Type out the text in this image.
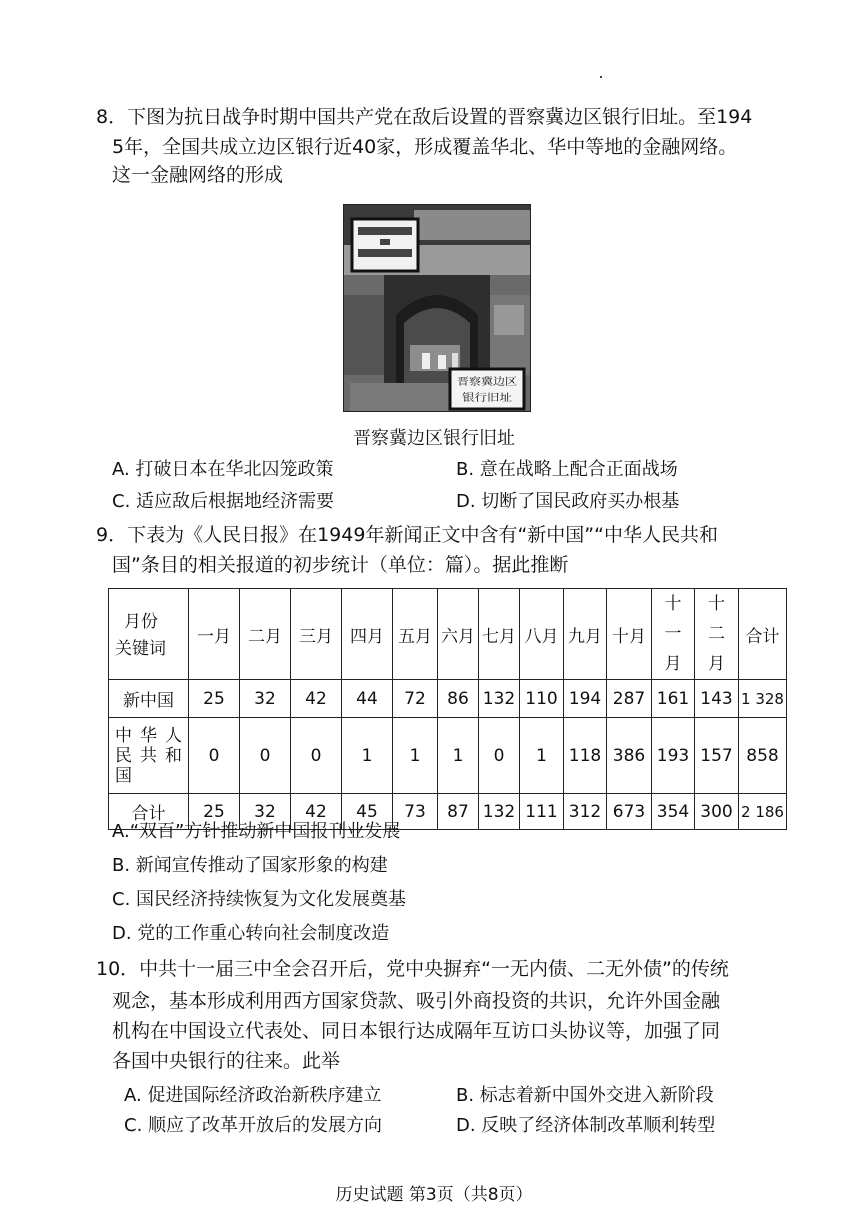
8．下图为抗日战争时期中国共产党在敌后设置的晋察冀边区银行旧址。至194
5年，全国共成立边区银行近40家，形成覆盖华北、华中等地的金融网络。
这一金融网络的形成
晋察冀边区
银行旧址
晋察冀边区银行旧址
A. 打破日本在华北囚笼政策	B. 意在战略上配合正面战场
C. 适应敌后根据地经济需要	D. 切断了国民政府买办根基
9．下表为《人民日报》在1949年新闻正文中含有“新中国”“中华人民共和
国”条目的相关报道的初步统计（单位：篇）。据此推断
月份
关键词	一月	二月	三月	四月	五月	六月	七月	八月	九月	十月	十一月	十二月	合计
新中国	25	32	42	44	72	86	132	110	194	287	161	143	1 328
中华人民共和国	0	0	0	1	1	1	0	1	118	386	193	157	858
合计	25	32	42	45	73	87	132	111	312	673	354	300	2 186
A.“双百”方针推动新中国报刊业发展
B. 新闻宣传推动了国家形象的构建
C. 国民经济持续恢复为文化发展奠基
D. 党的工作重心转向社会制度改造
10．中共十一届三中全会召开后，党中央摒弃“一无内债、二无外债”的传统
观念，基本形成利用西方国家贷款、吸引外商投资的共识，允许外国金融
机构在中国设立代表处、同日本银行达成隔年互访口头协议等，加强了同
各国中央银行的往来。此举
A. 促进国际经济政治新秩序建立	B. 标志着新中国外交进入新阶段
C. 顺应了改革开放后的发展方向	D. 反映了经济体制改革顺利转型
历史试题 第3页（共8页）
